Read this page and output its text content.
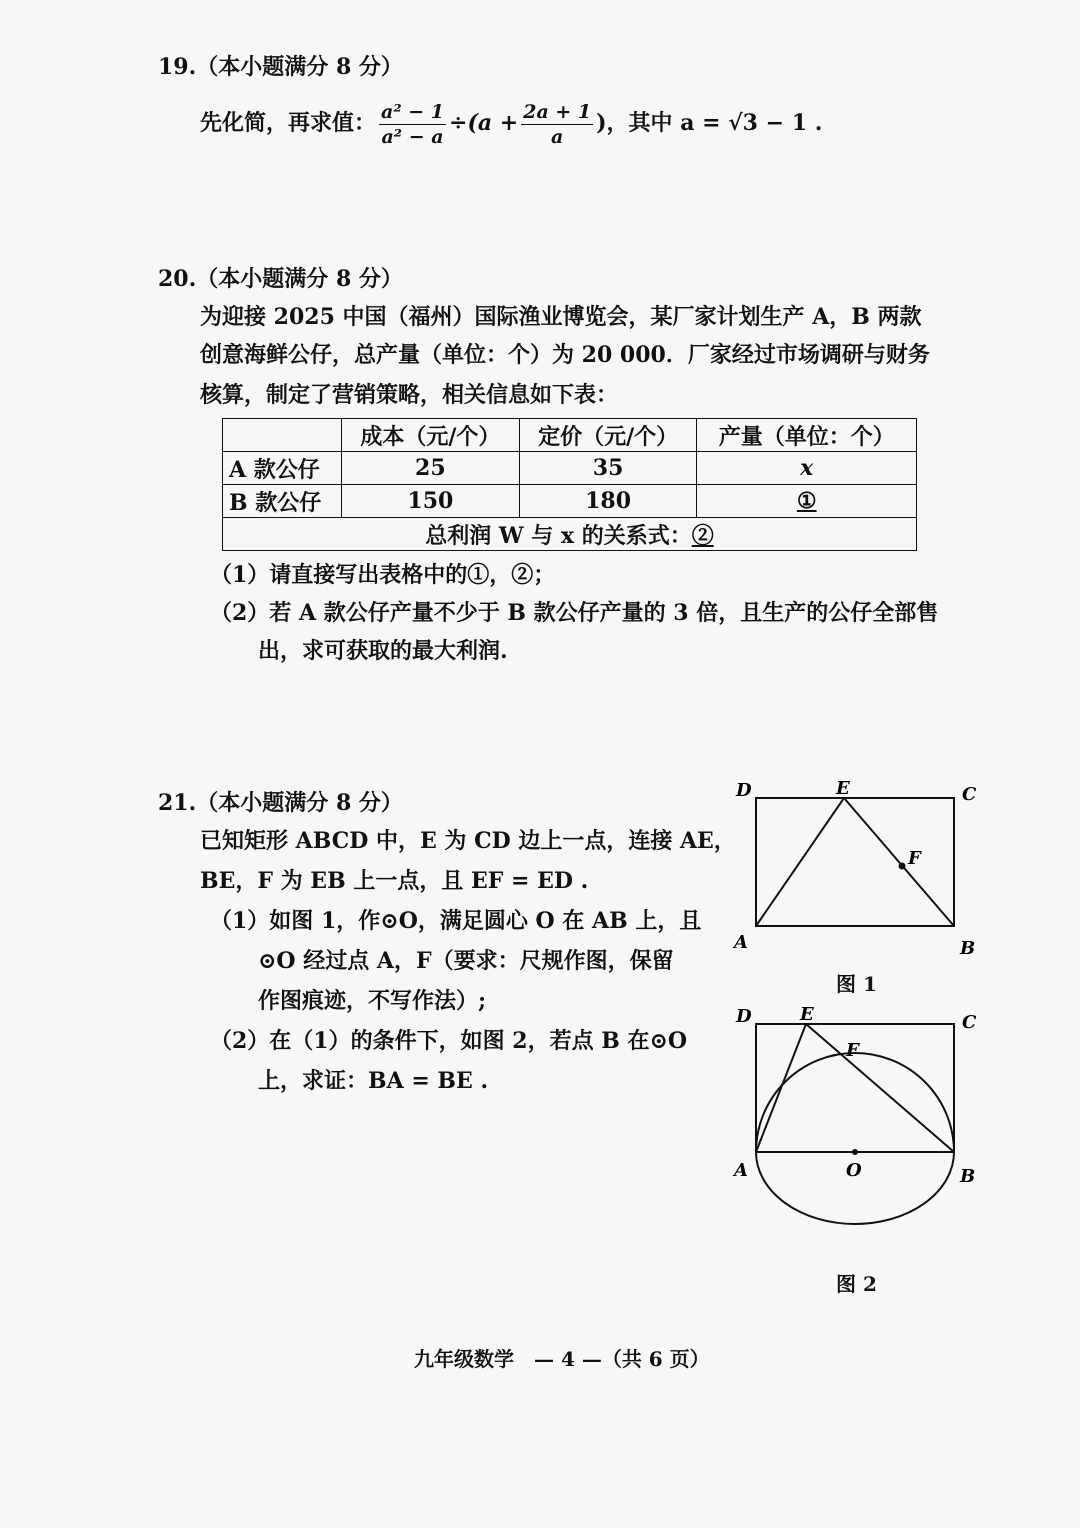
19.（本小题满分 8 分）
先化简，再求值： $\frac{\text{a² − 1}}{\text{a² − a}} \div(a + \frac{2a + 1}{a}$ )，其中 a = √3 − 1 .
20.（本小题满分 8 分）
为迎接 2025 中国（福州）国际渔业博览会，某厂家计划生产 A，B 两款
创意海鲜公仔，总产量（单位：个）为 20 000．厂家经过市场调研与财务
核算，制定了营销策略，相关信息如下表：
	成本（元/个）	定价（元/个）	产量（单位：个）
A 款公仔	25	35	x
B 款公仔	150	180	①
总利润 W 与 x 的关系式：②			
（1）请直接写出表格中的①，②；
（2）若 A 款公仔产量不少于 B 款公仔产量的 3 倍，且生产的公仔全部售
出，求可获取的最大利润.
21.（本小题满分 8 分）
已知矩形 ABCD 中，E 为 CD 边上一点，连接 AE，
BE，F 为 EB 上一点，且 EF = ED .
（1）如图 1，作⊙O，满足圆心 O 在 AB 上，且
⊙O 经过点 A，F（要求：尺规作图，保留
作图痕迹，不写作法）;
（2）在（1）的条件下，如图 2，若点 B 在⊙O
上，求证：BA = BE .
D	E	C
F
A	B
图 1
D	E	C
F
A	O	B
图 2
九年级数学　— 4 —（共 6 页）
